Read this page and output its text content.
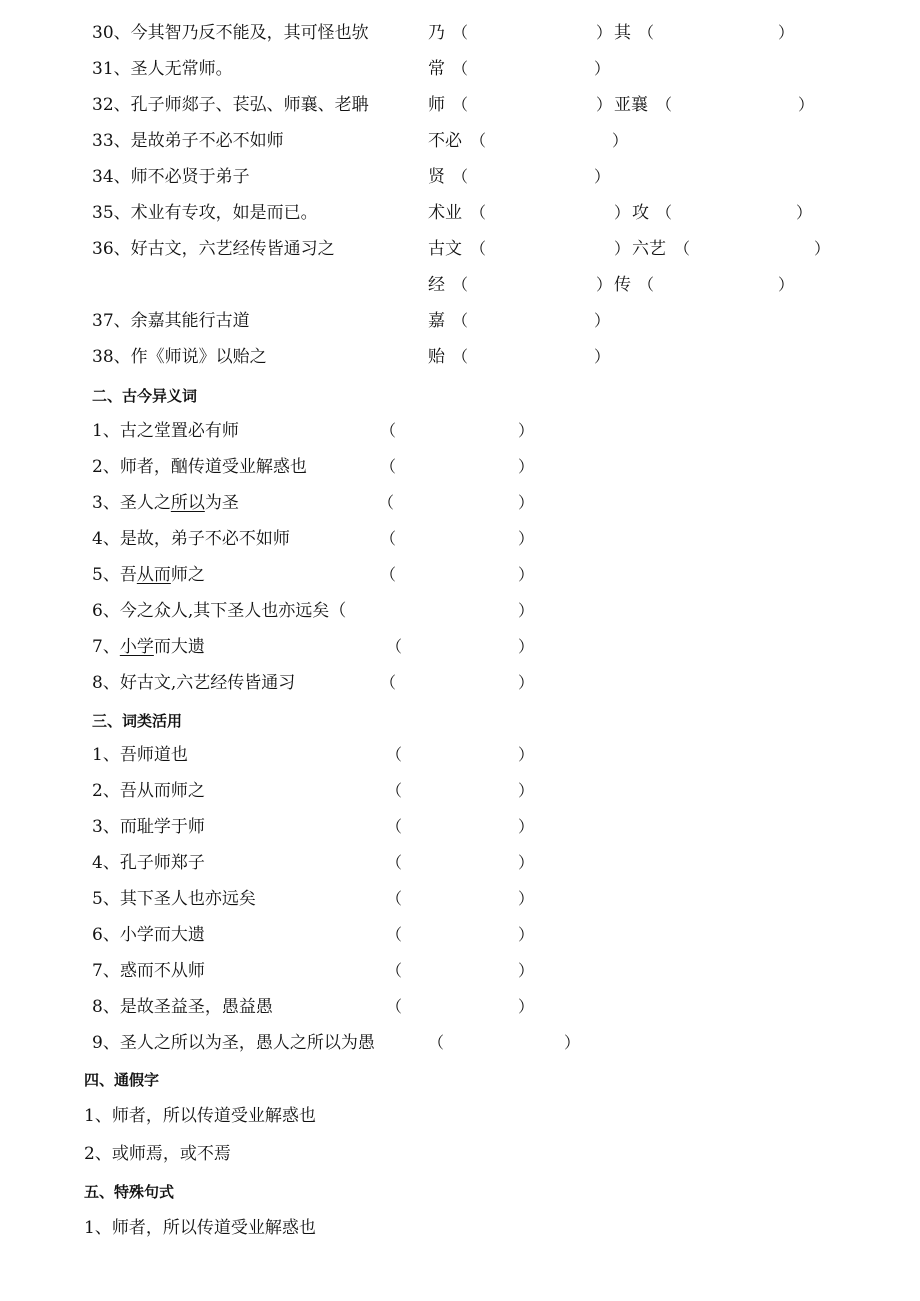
30、今其智乃反不能及，其可怪也欤	乃 （	） 其 （	）
31、圣人无常师。	常 （	）
32、孔子师郯子、苌弘、师襄、老聃	师 （	） 亚襄 （	）
33、是故弟子不必不如师	不必 （	）
34、师不必贤于弟子	贤 （	）
35、术业有专攻，如是而已。	术业 （	） 攻 （	）
36、好古文，六艺经传皆通习之	古文 （	） 六艺 （	）
经 （	） 传 （	）
37、余嘉其能行古道	嘉 （	）
38、作《师说》以贻之	贻 （	）
二、古今异义词
1、古之堂置必有师	（	）
2、师者，酗传道受业解惑也	（	）
3、圣人之所以为圣	（	）
4、是故，弟子不必不如师	（	）
5、吾从而师之	（	）
6、今之众人,其下圣人也亦远矣（	）
7、小学而大遗	（	）
8、好古文,六艺经传皆通习	（	）
三、词类活用
1、吾师道也	（	）
2、吾从而师之	（	）
3、而耻学于师	（	）
4、孔子师郑子	（	）
5、其下圣人也亦远矣	（	）
6、小学而大遗	（	）
7、惑而不从师	（	）
8、是故圣益圣，愚益愚	（	）
9、圣人之所以为圣，愚人之所以为愚	（	）
四、通假字
1、师者，所以传道受业解惑也
2、或师焉，或不焉
五、特殊句式
1、师者，所以传道受业解惑也
